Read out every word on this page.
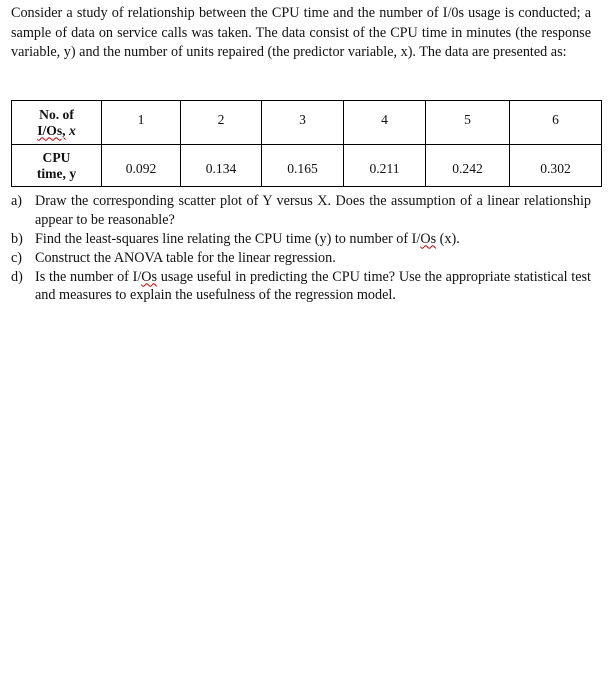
Consider a study of relationship between the CPU time and the number of I/0s usage is conducted; a sample of data on service calls was taken. The data consist of the CPU time in minutes (the response variable, y) and the number of units repaired (the predictor variable, x). The data are presented as:

No. of
I/Os, x	1	2	3	4	5	6
CPU
time, y	0.092	0.134	0.165	0.211	0.242	0.302
a) Draw the corresponding scatter plot of Y versus X. Does the assumption of a linear relationship appear to be reasonable?
b) Find the least-squares line relating the CPU time (y) to number of I/Os (x).
c) Construct the ANOVA table for the linear regression.
d) Is the number of I/Os usage useful in predicting the CPU time? Use the appropriate statistical test and measures to explain the usefulness of the regression model.
